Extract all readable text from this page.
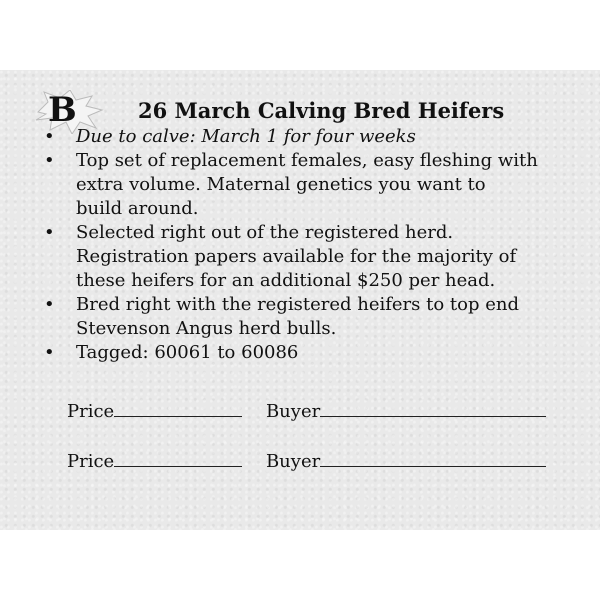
B	26 March Calving Bred Heifers
• Due to calve: March 1 for four weeks
• Top set of replacement females, easy fleshing with
extra volume. Maternal genetics you want to
build around.
• Selected right out of the registered herd.
Registration papers available for the majority of
these heifers for an additional $250 per head.
• Bred right with the registered heifers to top end
Stevenson Angus herd bulls.
• Tagged: 60061 to 60086
Price	Buyer
Price	Buyer
